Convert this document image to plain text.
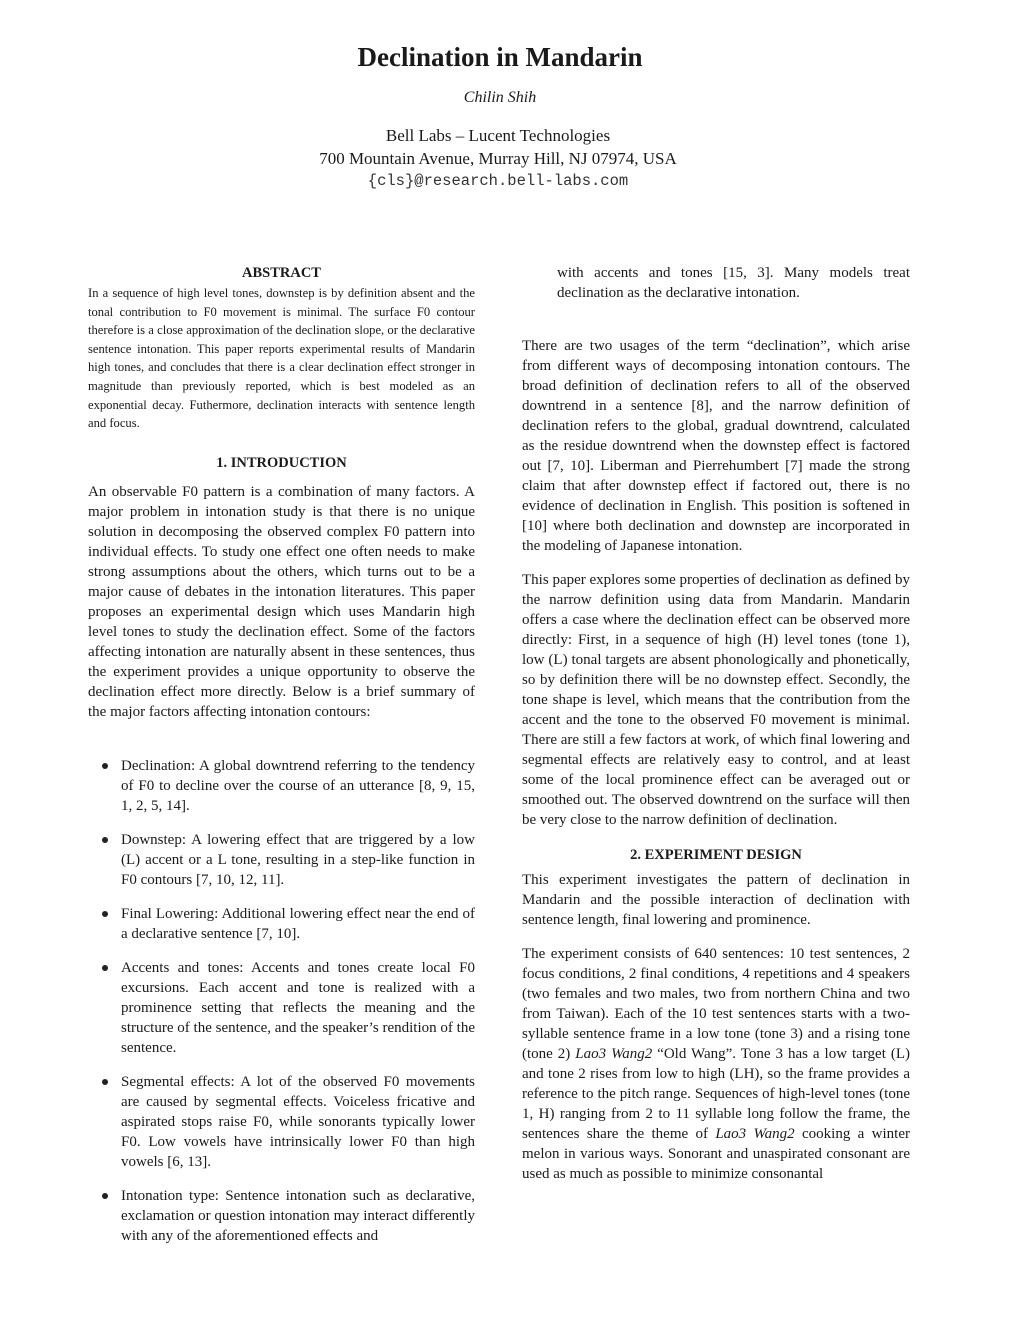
Declination in Mandarin
Chilin Shih
Bell Labs – Lucent Technologies
700 Mountain Avenue, Murray Hill, NJ 07974, USA
{cls}@research.bell-labs.com
ABSTRACT

In a sequence of high level tones, downstep is by definition absent and the tonal contribution to F0 movement is minimal. The surface F0 contour therefore is a close approximation of the declination slope, or the declarative sentence intonation. This paper reports experimental results of Mandarin high tones, and concludes that there is a clear declination effect stronger in magnitude than previously reported, which is best modeled as an exponential decay. Futhermore, declination interacts with sentence length and focus.

1. INTRODUCTION

An observable F0 pattern is a combination of many factors. A major problem in intonation study is that there is no unique solution in decomposing the observed complex F0 pattern into individual effects. To study one effect one often needs to make strong assumptions about the others, which turns out to be a major cause of debates in the intonation literatures. This paper proposes an experimental design which uses Mandarin high level tones to study the declination effect. Some of the factors affecting intonation are naturally absent in these sentences, thus the experiment provides a unique opportunity to observe the declination effect more directly. Below is a brief summary of the major factors affecting intonation contours:

Declination: A global downtrend referring to the tendency of F0 to decline over the course of an utterance [8, 9, 15, 1, 2, 5, 14].
Downstep: A lowering effect that are triggered by a low (L) accent or a L tone, resulting in a step-like function in F0 contours [7, 10, 12, 11].
Final Lowering: Additional lowering effect near the end of a declarative sentence [7, 10].
Accents and tones: Accents and tones create local F0 excursions. Each accent and tone is realized with a prominence setting that reflects the meaning and the structure of the sentence, and the speaker’s rendition of the sentence.
Segmental effects: A lot of the observed F0 movements are caused by segmental effects. Voiceless fricative and aspirated stops raise F0, while sonorants typically lower F0. Low vowels have intrinsically lower F0 than high vowels [6, 13].
Intonation type: Sentence intonation such as declarative, exclamation or question intonation may interact differently with any of the aforementioned effects and

with accents and tones [15, 3]. Many models treat declination as the declarative intonation.

There are two usages of the term “declination”, which arise from different ways of decomposing intonation contours. The broad definition of declination refers to all of the observed downtrend in a sentence [8], and the narrow definition of declination refers to the global, gradual downtrend, calculated as the residue downtrend when the downstep effect is factored out [7, 10]. Liberman and Pierrehumbert [7] made the strong claim that after downstep effect if factored out, there is no evidence of declination in English. This position is softened in [10] where both declination and downstep are incorporated in the modeling of Japanese intonation.

This paper explores some properties of declination as defined by the narrow definition using data from Mandarin. Mandarin offers a case where the declination effect can be observed more directly: First, in a sequence of high (H) level tones (tone 1), low (L) tonal targets are absent phonologically and phonetically, so by definition there will be no downstep effect. Secondly, the tone shape is level, which means that the contribution from the accent and the tone to the observed F0 movement is minimal. There are still a few factors at work, of which final lowering and segmental effects are relatively easy to control, and at least some of the local prominence effect can be averaged out or smoothed out. The observed downtrend on the surface will then be very close to the narrow definition of declination.

2. EXPERIMENT DESIGN

This experiment investigates the pattern of declination in Mandarin and the possible interaction of declination with sentence length, final lowering and prominence.

The experiment consists of 640 sentences: 10 test sentences, 2 focus conditions, 2 final conditions, 4 repetitions and 4 speakers (two females and two males, two from northern China and two from Taiwan). Each of the 10 test sentences starts with a two-syllable sentence frame in a low tone (tone 3) and a rising tone (tone 2) Lao3 Wang2 “Old Wang”. Tone 3 has a low target (L) and tone 2 rises from low to high (LH), so the frame provides a reference to the pitch range. Sequences of high-level tones (tone 1, H) ranging from 2 to 11 syllable long follow the frame, the sentences share the theme of Lao3 Wang2 cooking a winter melon in various ways. Sonorant and unaspirated consonant are used as much as possible to minimize consonantal
